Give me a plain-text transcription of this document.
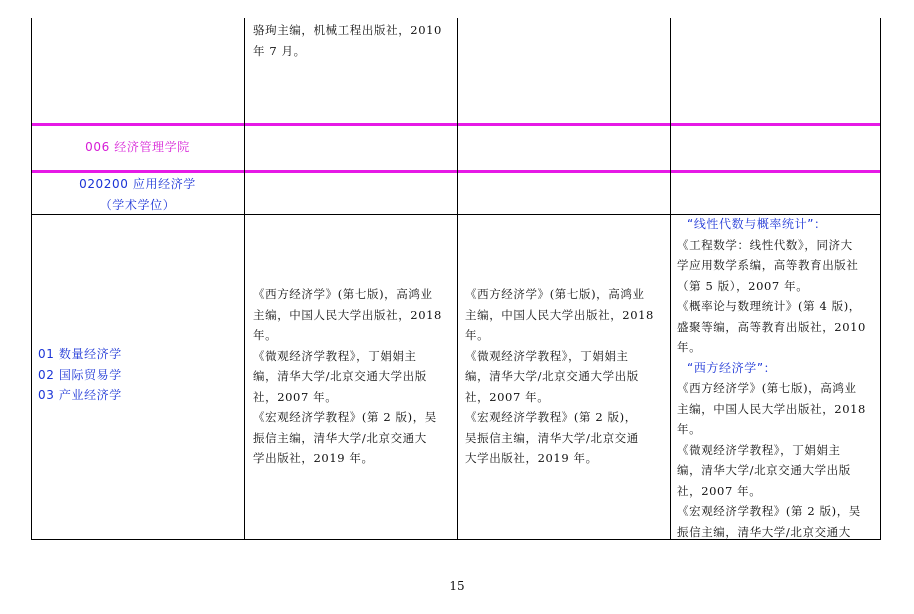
骆珣主编，机械工程出版社，2010

年 7 月。

006 经济管理学院

020200 应用经济学

（学术学位）

01 数量经济学

02 国际贸易学

03 产业经济学

《西方经济学》(第七版)，高鸿业

主编，中国人民大学出版社，2018

年。

《微观经济学教程》，丁娟娟主

编，清华大学/北京交通大学出版

社，2007 年。

《宏观经济学教程》(第 2 版)，吴

振信主编，清华大学/北京交通大

学出版社，2019 年。

《西方经济学》(第七版)，高鸿业

主编，中国人民大学出版社，2018

年。

《微观经济学教程》，丁娟娟主

编，清华大学/北京交通大学出版

社，2007 年。

《宏观经济学教程》(第 2 版)，

吴振信主编，清华大学/北京交通

大学出版社，2019 年。

“线性代数与概率统计”：

《工程数学：线性代数》，同济大

学应用数学系编，高等教育出版社

（第 5 版），2007 年。

《概率论与数理统计》(第 4 版)，

盛聚等编，高等教育出版社，2010

年。

“西方经济学”：

《西方经济学》(第七版)，高鸿业

主编，中国人民大学出版社，2018

年。

《微观经济学教程》，丁娟娟主

编，清华大学/北京交通大学出版

社，2007 年。

《宏观经济学教程》(第 2 版)，吴

振信主编，清华大学/北京交通大

15
